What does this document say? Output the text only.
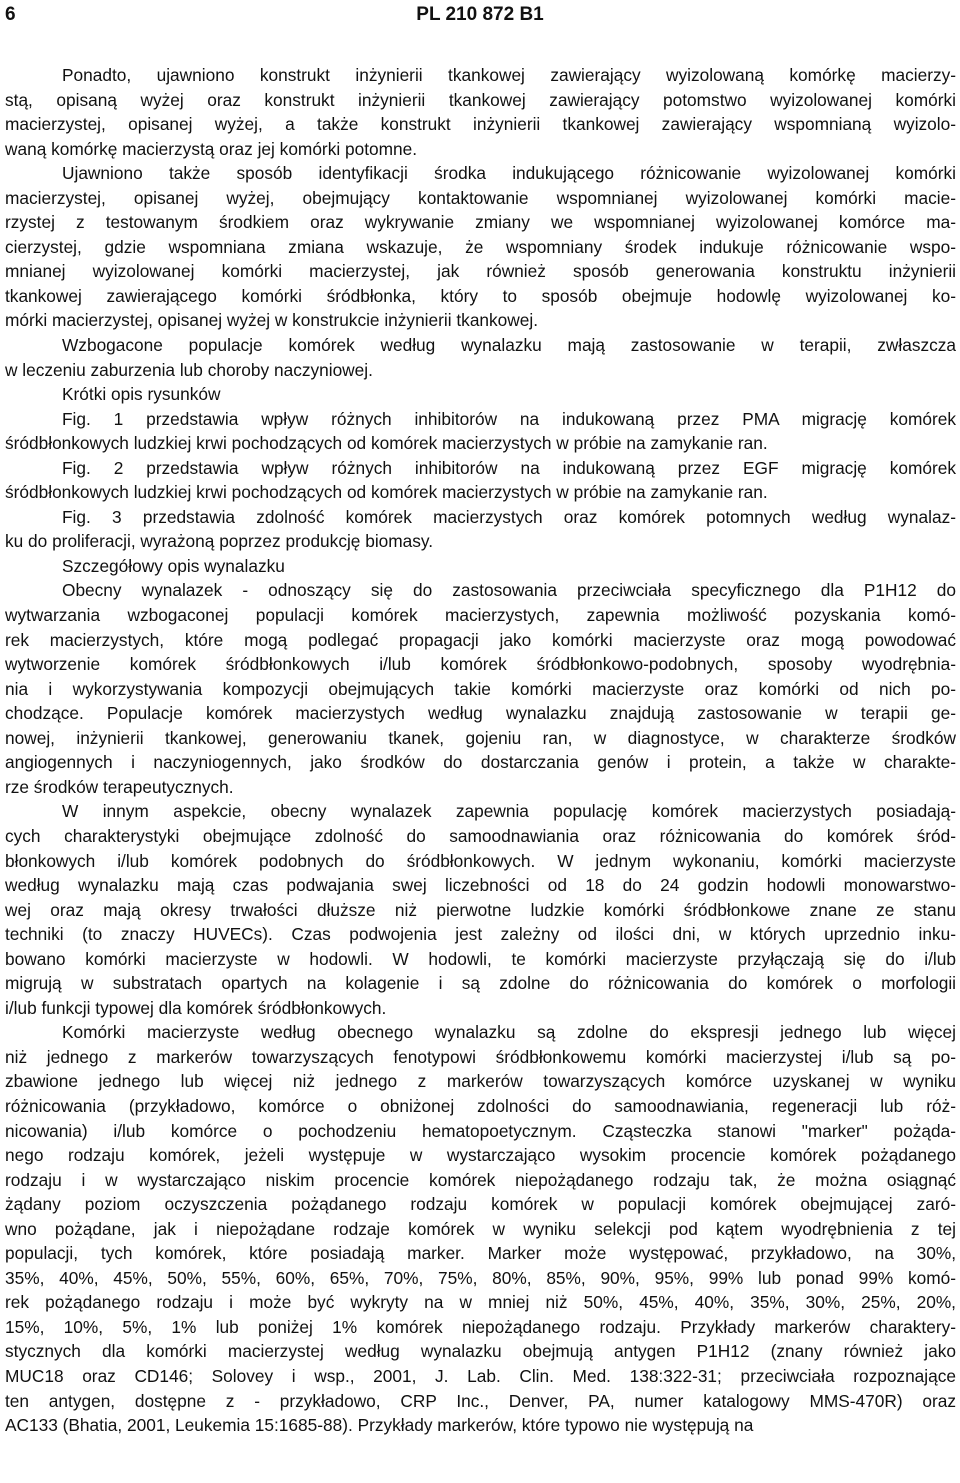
6	PL 210 872 B1

Ponadto, ujawniono konstrukt inżynierii tkankowej zawierający wyizolowaną komórkę macierzy-
stą, opisaną wyżej oraz konstrukt inżynierii tkankowej zawierający potomstwo wyizolowanej komórki
macierzystej, opisanej wyżej, a także konstrukt inżynierii tkankowej zawierający wspomnianą wyizolo-
waną komórkę macierzystą oraz jej komórki potomne.

Ujawniono także sposób identyfikacji środka indukującego różnicowanie wyizolowanej komórki
macierzystej, opisanej wyżej, obejmujący kontaktowanie wspomnianej wyizolowanej komórki macie-
rzystej z testowanym środkiem oraz wykrywanie zmiany we wspomnianej wyizolowanej komórce ma-
cierzystej, gdzie wspomniana zmiana wskazuje, że wspomniany środek indukuje różnicowanie wspo-
mnianej wyizolowanej komórki macierzystej, jak również sposób generowania konstruktu inżynierii
tkankowej zawierającego komórki śródbłonka, który to sposób obejmuje hodowlę wyizolowanej ko-
mórki macierzystej, opisanej wyżej w konstrukcie inżynierii tkankowej.

Wzbogacone populacje komórek według wynalazku mają zastosowanie w terapii, zwłaszcza
w leczeniu zaburzenia lub choroby naczyniowej.

Krótki opis rysunków

Fig. 1 przedstawia wpływ różnych inhibitorów na indukowaną przez PMA migrację komórek
śródbłonkowych ludzkiej krwi pochodzących od komórek macierzystych w próbie na zamykanie ran.

Fig. 2 przedstawia wpływ różnych inhibitorów na indukowaną przez EGF migrację komórek
śródbłonkowych ludzkiej krwi pochodzących od komórek macierzystych w próbie na zamykanie ran.

Fig. 3 przedstawia zdolność komórek macierzystych oraz komórek potomnych według wynalaz-
ku do proliferacji, wyrażoną poprzez produkcję biomasy.

Szczegółowy opis wynalazku

Obecny wynalazek - odnoszący się do zastosowania przeciwciała specyficznego dla P1H12 do
wytwarzania wzbogaconej populacji komórek macierzystych, zapewnia możliwość pozyskania komó-
rek macierzystych, które mogą podlegać propagacji jako komórki macierzyste oraz mogą powodować
wytworzenie komórek śródbłonkowych i/lub komórek śródbłonkowo-podobnych, sposoby wyodrębnia-
nia i wykorzystywania kompozycji obejmujących takie komórki macierzyste oraz komórki od nich po-
chodzące. Populacje komórek macierzystych według wynalazku znajdują zastosowanie w terapii ge-
nowej, inżynierii tkankowej, generowaniu tkanek, gojeniu ran, w diagnostyce, w charakterze środków
angiogennych i naczyniogennych, jako środków do dostarczania genów i protein, a także w charakte-
rze środków terapeutycznych.

W innym aspekcie, obecny wynalazek zapewnia populację komórek macierzystych posiadają-
cych charakterystyki obejmujące zdolność do samoodnawiania oraz różnicowania do komórek śród-
błonkowych i/lub komórek podobnych do śródbłonkowych. W jednym wykonaniu, komórki macierzyste
według wynalazku mają czas podwajania swej liczebności od 18 do 24 godzin hodowli monowarstwo-
wej oraz mają okresy trwałości dłuższe niż pierwotne ludzkie komórki śródbłonkowe znane ze stanu
techniki (to znaczy HUVECs). Czas podwojenia jest zależny od ilości dni, w których uprzednio inku-
bowano komórki macierzyste w hodowli. W hodowli, te komórki macierzyste przyłączają się do i/lub
migrują w substratach opartych na kolagenie i są zdolne do różnicowania do komórek o morfologii
i/lub funkcji typowej dla komórek śródbłonkowych.

Komórki macierzyste według obecnego wynalazku są zdolne do ekspresji jednego lub więcej
niż jednego z markerów towarzyszących fenotypowi śródbłonkowemu komórki macierzystej i/lub są po-
zbawione jednego lub więcej niż jednego z markerów towarzyszących komórce uzyskanej w wyniku
różnicowania (przykładowo, komórce o obniżonej zdolności do samoodnawiania, regeneracji lub róż-
nicowania) i/lub komórce o pochodzeniu hematopoetycznym. Cząsteczka stanowi "marker" pożąda-
nego rodzaju komórek, jeżeli występuje w wystarczająco wysokim procencie komórek pożądanego
rodzaju i w wystarczająco niskim procencie komórek niepożądanego rodzaju tak, że można osiągnąć
żądany poziom oczyszczenia pożądanego rodzaju komórek w populacji komórek obejmującej zaró-
wno pożądane, jak i niepożądane rodzaje komórek w wyniku selekcji pod kątem wyodrębnienia z tej
populacji, tych komórek, które posiadają marker. Marker może występować, przykładowo, na 30%,
35%, 40%, 45%, 50%, 55%, 60%, 65%, 70%, 75%, 80%, 85%, 90%, 95%, 99% lub ponad 99% komó-
rek pożądanego rodzaju i może być wykryty na w mniej niż 50%, 45%, 40%, 35%, 30%, 25%, 20%,
15%, 10%, 5%, 1% lub poniżej 1% komórek niepożądanego rodzaju. Przykłady markerów charaktery-
stycznych dla komórki macierzystej według wynalazku obejmują antygen P1H12 (znany również jako
MUC18 oraz CD146; Solovey i wsp., 2001, J. Lab. Clin. Med. 138:322-31; przeciwciała rozpoznające
ten antygen, dostępne z - przykładowo, CRP Inc., Denver, PA, numer katalogowy MMS-470R) oraz
AC133 (Bhatia, 2001, Leukemia 15:1685-88). Przykłady markerów, które typowo nie występują na
